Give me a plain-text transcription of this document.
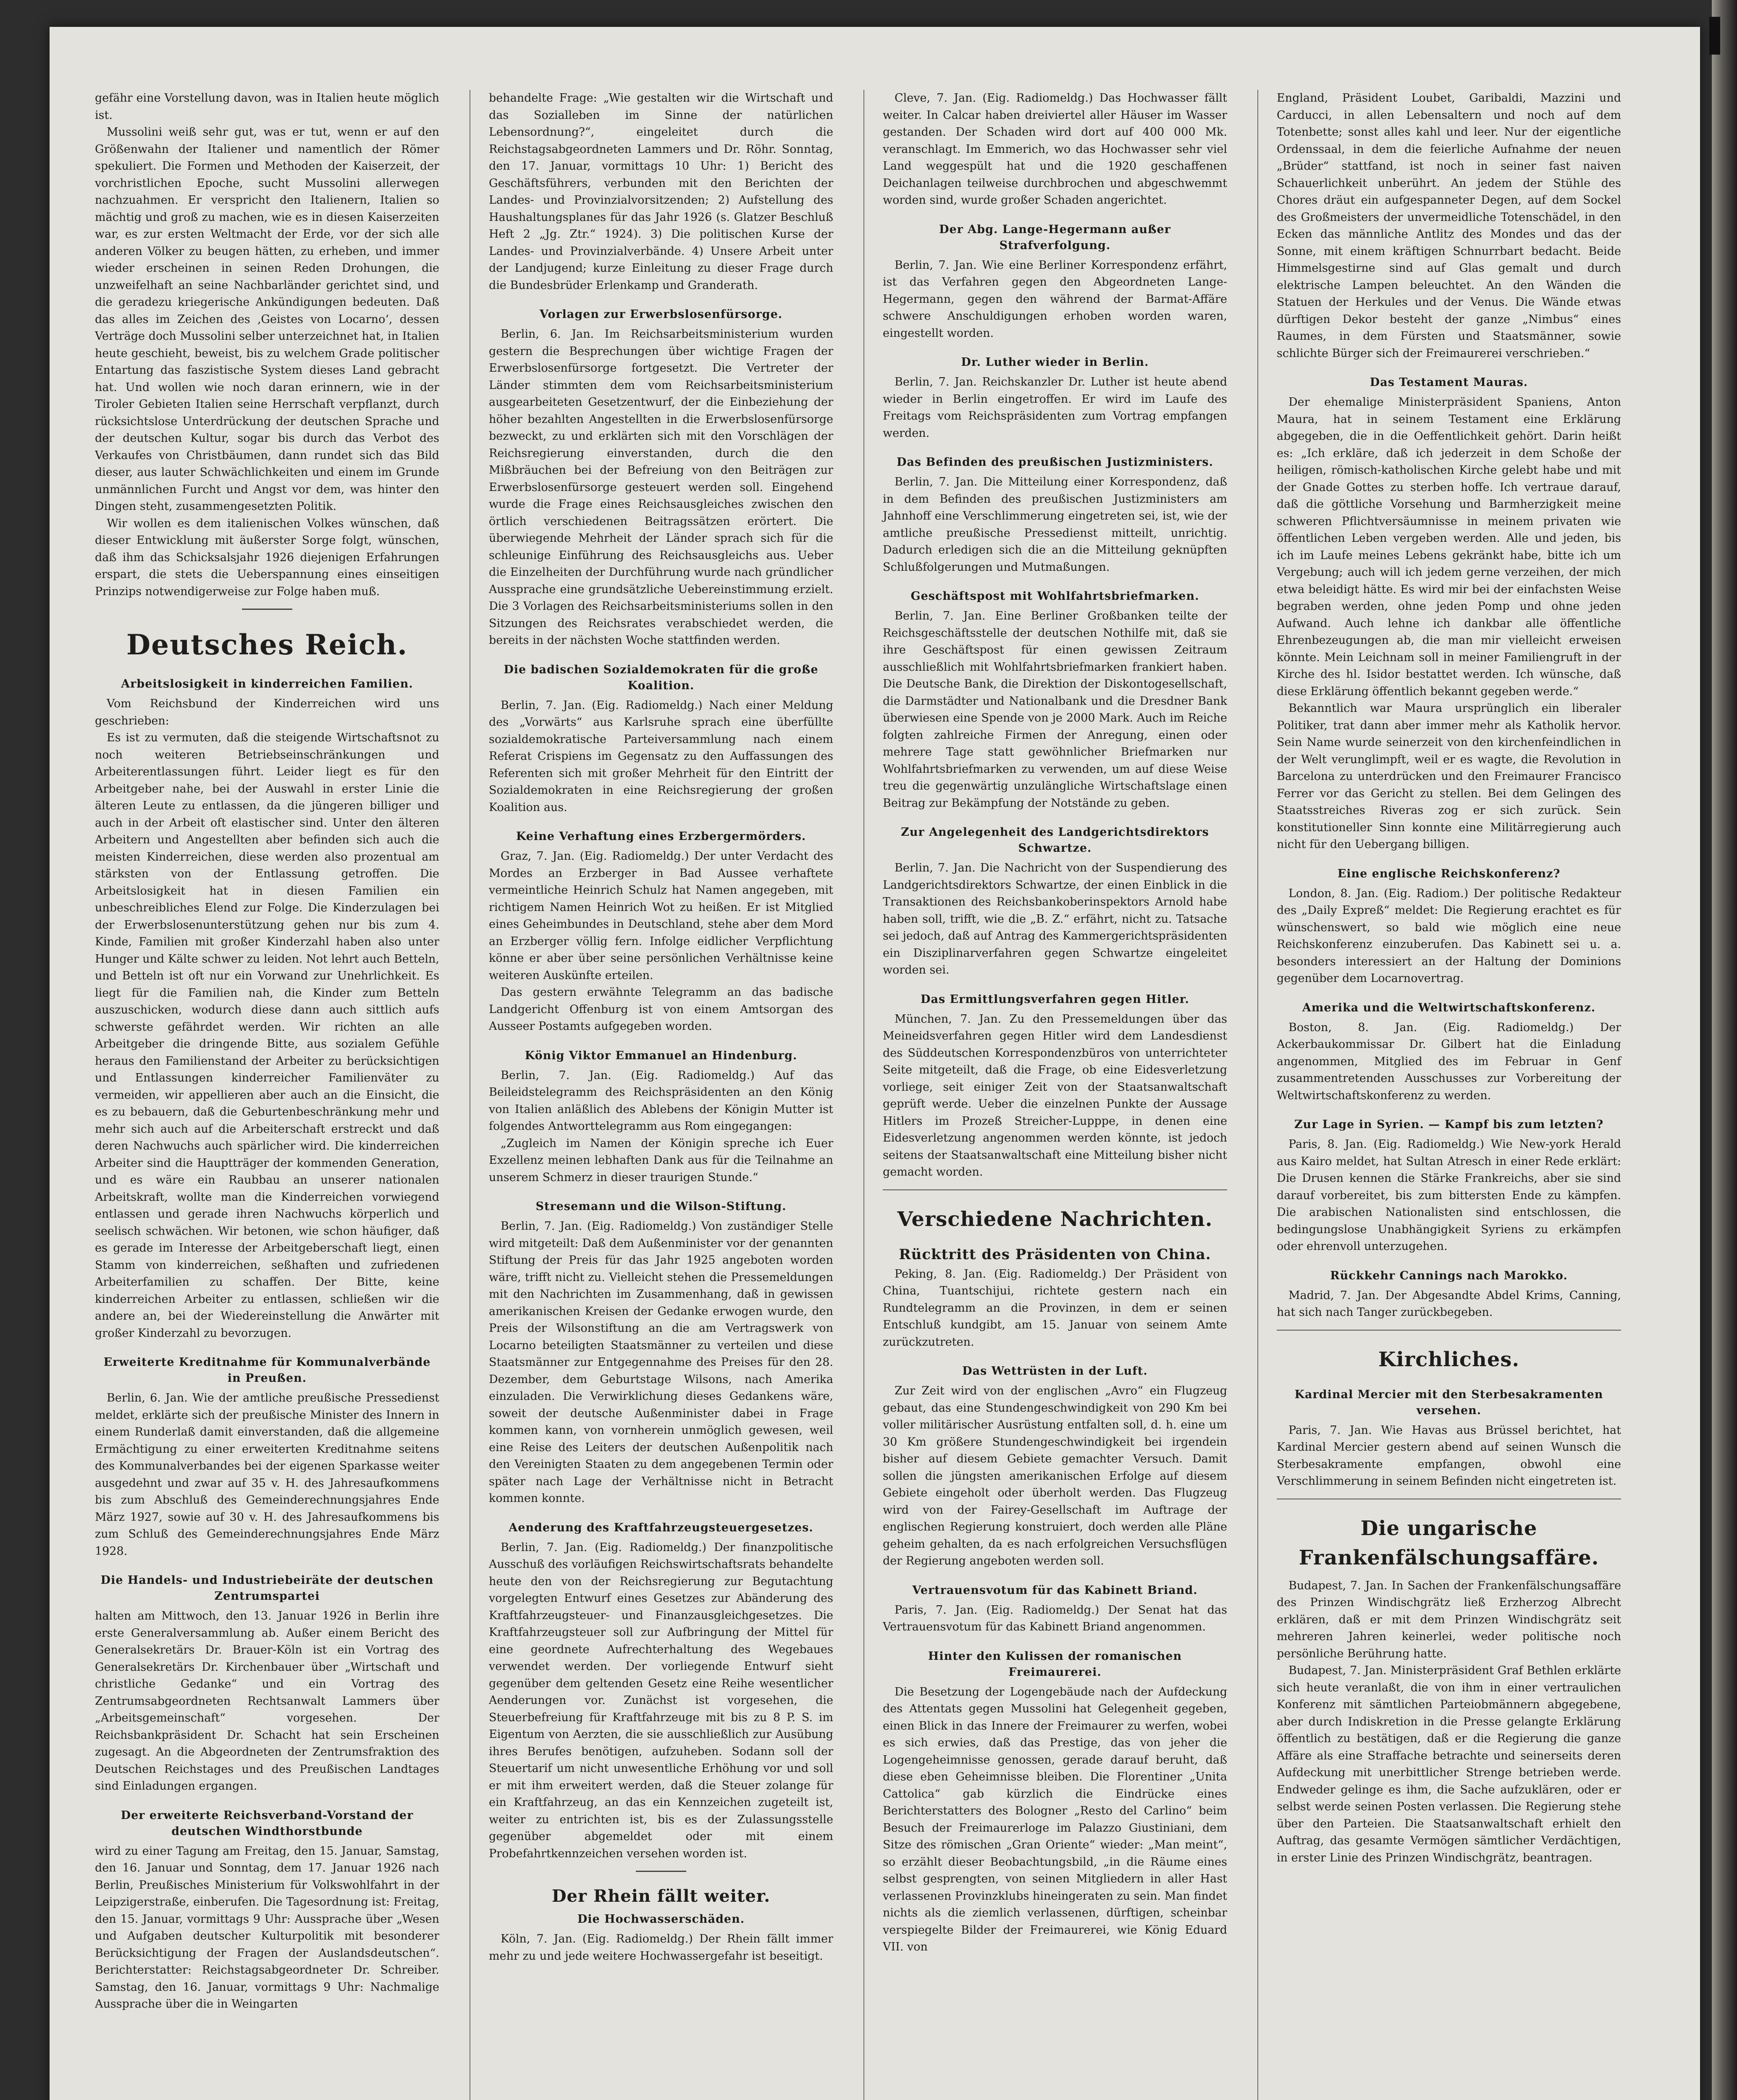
gefähr eine Vorstellung davon, was in Italien heute möglich ist.

Mussolini weiß sehr gut, was er tut, wenn er auf den Größenwahn der Italiener und namentlich der Römer spekuliert. Die Formen und Methoden der Kaiserzeit, der vorchristlichen Epoche, sucht Mussolini allerwegen nachzuahmen. Er verspricht den Italienern, Italien so mächtig und groß zu machen, wie es in diesen Kaiserzeiten war, es zur ersten Weltmacht der Erde, vor der sich alle anderen Völker zu beugen hätten, zu erheben, und immer wieder erscheinen in seinen Reden Drohungen, die unzweifelhaft an seine Nachbarländer gerichtet sind, und die geradezu kriegerische Ankündigungen bedeuten. Daß das alles im Zeichen des ‚Geistes von Locarno‘, dessen Verträge doch Mussolini selber unterzeichnet hat, in Italien heute geschieht, beweist, bis zu welchem Grade politischer Entartung das faszistische System dieses Land gebracht hat. Und wollen wie noch daran erinnern, wie in der Tiroler Gebieten Italien seine Herrschaft verpflanzt, durch rücksichtslose Unterdrückung der deutschen Sprache und der deutschen Kultur, sogar bis durch das Verbot des Verkaufes von Christbäumen, dann rundet sich das Bild dieser, aus lauter Schwächlichkeiten und einem im Grunde unmännlichen Furcht und Angst vor dem, was hinter den Dingen steht, zusammengesetzten Politik.

Wir wollen es dem italienischen Volkes wünschen, daß dieser Entwicklung mit äußerster Sorge folgt, wünschen, daß ihm das Schicksalsjahr 1926 diejenigen Erfahrungen erspart, die stets die Ueberspannung eines einseitigen Prinzips notwendigerweise zur Folge haben muß.

Deutsches Reich.
Arbeitslosigkeit in kinderreichen Familien.

Vom Reichsbund der Kinderreichen wird uns geschrieben:

Es ist zu vermuten, daß die steigende Wirtschaftsnot zu noch weiteren Betriebseinschränkungen und Arbeiterentlassungen führt. Leider liegt es für den Arbeitgeber nahe, bei der Auswahl in erster Linie die älteren Leute zu entlassen, da die jüngeren billiger und auch in der Arbeit oft elastischer sind. Unter den älteren Arbeitern und Angestellten aber befinden sich auch die meisten Kinderreichen, diese werden also prozentual am stärksten von der Entlassung getroffen. Die Arbeitslosigkeit hat in diesen Familien ein unbeschreibliches Elend zur Folge. Die Kinderzulagen bei der Erwerbslosenunterstützung gehen nur bis zum 4. Kinde, Familien mit großer Kinderzahl haben also unter Hunger und Kälte schwer zu leiden. Not lehrt auch Betteln, und Betteln ist oft nur ein Vorwand zur Unehrlichkeit. Es liegt für die Familien nah, die Kinder zum Betteln auszuschicken, wodurch diese dann auch sittlich aufs schwerste gefährdet werden. Wir richten an alle Arbeitgeber die dringende Bitte, aus sozialem Gefühle heraus den Familienstand der Arbeiter zu berücksichtigen und Entlassungen kinderreicher Familienväter zu vermeiden, wir appellieren aber auch an die Einsicht, die es zu bebauern, daß die Geburtenbeschränkung mehr und mehr sich auch auf die Arbeiterschaft erstreckt und daß deren Nachwuchs auch spärlicher wird. Die kinderreichen Arbeiter sind die Hauptträger der kommenden Generation, und es wäre ein Raubbau an unserer nationalen Arbeitskraft, wollte man die Kinderreichen vorwiegend entlassen und gerade ihren Nachwuchs körperlich und seelisch schwächen. Wir betonen, wie schon häufiger, daß es gerade im Interesse der Arbeitgeberschaft liegt, einen Stamm von kinderreichen, seßhaften und zufriedenen Arbeiterfamilien zu schaffen. Der Bitte, keine kinderreichen Arbeiter zu entlassen, schließen wir die andere an, bei der Wiedereinstellung die Anwärter mit großer Kinderzahl zu bevorzugen.

Erweiterte Kreditnahme für Kommunalverbände in Preußen.

Berlin, 6. Jan. Wie der amtliche preußische Pressedienst meldet, erklärte sich der preußische Minister des Innern in einem Runderlaß damit einverstanden, daß die allgemeine Ermächtigung zu einer erweiterten Kreditnahme seitens des Kommunalverbandes bei der eigenen Sparkasse weiter ausgedehnt und zwar auf 35 v. H. des Jahresaufkommens bis zum Abschluß des Gemeinderechnungsjahres Ende März 1927, sowie auf 30 v. H. des Jahresaufkommens bis zum Schluß des Gemeinderechnungsjahres Ende März 1928.

Die Handels- und Industriebeiräte der deutschen Zentrumspartei

halten am Mittwoch, den 13. Januar 1926 in Berlin ihre erste Generalversammlung ab. Außer einem Bericht des Generalsekretärs Dr. Brauer-Köln ist ein Vortrag des Generalsekretärs Dr. Kirchenbauer über „Wirtschaft und christliche Gedanke“ und ein Vortrag des Zentrumsabgeordneten Rechtsanwalt Lammers über „Arbeitsgemeinschaft“ vorgesehen. Der Reichsbankpräsident Dr. Schacht hat sein Erscheinen zugesagt. An die Abgeordneten der Zentrumsfraktion des Deutschen Reichstages und des Preußischen Landtages sind Einladungen ergangen.

Der erweiterte Reichsverband-Vorstand der deutschen Windthorstbunde

wird zu einer Tagung am Freitag, den 15. Januar, Samstag, den 16. Januar und Sonntag, dem 17. Januar 1926 nach Berlin, Preußisches Ministerium für Volkswohlfahrt in der Leipzigerstraße, einberufen. Die Tagesordnung ist: Freitag, den 15. Januar, vormittags 9 Uhr: Aussprache über „Wesen und Aufgaben deutscher Kulturpolitik mit besonderer Berücksichtigung der Fragen der Auslandsdeutschen“. Berichterstatter: Reichstagsabgeordneter Dr. Schreiber. Samstag, den 16. Januar, vormittags 9 Uhr: Nachmalige Aussprache über die in Weingarten

behandelte Frage: „Wie gestalten wir die Wirtschaft und das Sozialleben im Sinne der natürlichen Lebensordnung?“, eingeleitet durch die Reichstagsabgeordneten Lammers und Dr. Röhr. Sonntag, den 17. Januar, vormittags 10 Uhr: 1) Bericht des Geschäftsführers, verbunden mit den Berichten der Landes- und Provinzialvorsitzenden; 2) Aufstellung des Haushaltungsplanes für das Jahr 1926 (s. Glatzer Beschluß Heft 2 „Jg. Ztr.“ 1924). 3) Die politischen Kurse der Landes- und Provinzialverbände. 4) Unsere Arbeit unter der Landjugend; kurze Einleitung zu dieser Frage durch die Bundesbrüder Erlenkamp und Granderath.

Vorlagen zur Erwerbslosenfürsorge.

Berlin, 6. Jan. Im Reichsarbeitsministerium wurden gestern die Besprechungen über wichtige Fragen der Erwerbslosenfürsorge fortgesetzt. Die Vertreter der Länder stimmten dem vom Reichsarbeitsministerium ausgearbeiteten Gesetzentwurf, der die Einbeziehung der höher bezahlten Angestellten in die Erwerbslosenfürsorge bezweckt, zu und erklärten sich mit den Vorschlägen der Reichsregierung einverstanden, durch die den Mißbräuchen bei der Befreiung von den Beiträgen zur Erwerbslosenfürsorge gesteuert werden soll. Eingehend wurde die Frage eines Reichsausgleiches zwischen den örtlich verschiedenen Beitragssätzen erörtert. Die überwiegende Mehrheit der Länder sprach sich für die schleunige Einführung des Reichsausgleichs aus. Ueber die Einzelheiten der Durchführung wurde nach gründlicher Aussprache eine grundsätzliche Uebereinstimmung erzielt. Die 3 Vorlagen des Reichsarbeitsministeriums sollen in den Sitzungen des Reichsrates verabschiedet werden, die bereits in der nächsten Woche stattfinden werden.

Die badischen Sozialdemokraten für die große Koalition.

Berlin, 7. Jan. (Eig. Radiomeldg.) Nach einer Meldung des „Vorwärts“ aus Karlsruhe sprach eine überfüllte sozialdemokratische Parteiversammlung nach einem Referat Crispiens im Gegensatz zu den Auffassungen des Referenten sich mit großer Mehrheit für den Eintritt der Sozialdemokraten in eine Reichsregierung der großen Koalition aus.

Keine Verhaftung eines Erzbergermörders.

Graz, 7. Jan. (Eig. Radiomeldg.) Der unter Verdacht des Mordes an Erzberger in Bad Aussee verhaftete vermeintliche Heinrich Schulz hat Namen angegeben, mit richtigem Namen Heinrich Wot zu heißen. Er ist Mitglied eines Geheimbundes in Deutschland, stehe aber dem Mord an Erzberger völlig fern. Infolge eidlicher Verpflichtung könne er aber über seine persönlichen Verhältnisse keine weiteren Auskünfte erteilen.

Das gestern erwähnte Telegramm an das badische Landgericht Offenburg ist von einem Amtsorgan des Ausseer Postamts aufgegeben worden.

König Viktor Emmanuel an Hindenburg.

Berlin, 7. Jan. (Eig. Radiomeldg.) Auf das Beileidstelegramm des Reichspräsidenten an den König von Italien anläßlich des Ablebens der Königin Mutter ist folgendes Antworttelegramm aus Rom eingegangen:

„Zugleich im Namen der Königin spreche ich Euer Exzellenz meinen lebhaften Dank aus für die Teilnahme an unserem Schmerz in dieser traurigen Stunde.“

Stresemann und die Wilson-Stiftung.

Berlin, 7. Jan. (Eig. Radiomeldg.) Von zuständiger Stelle wird mitgeteilt: Daß dem Außenminister vor der genannten Stiftung der Preis für das Jahr 1925 angeboten worden wäre, trifft nicht zu. Vielleicht stehen die Pressemeldungen mit den Nachrichten im Zusammenhang, daß in gewissen amerikanischen Kreisen der Gedanke erwogen wurde, den Preis der Wilsonstiftung an die am Vertragswerk von Locarno beteiligten Staatsmänner zu verteilen und diese Staatsmänner zur Entgegennahme des Preises für den 28. Dezember, dem Geburtstage Wilsons, nach Amerika einzuladen. Die Verwirklichung dieses Gedankens wäre, soweit der deutsche Außenminister dabei in Frage kommen kann, von vornherein unmöglich gewesen, weil eine Reise des Leiters der deutschen Außenpolitik nach den Vereinigten Staaten zu dem angegebenen Termin oder später nach Lage der Verhältnisse nicht in Betracht kommen konnte.

Aenderung des Kraftfahrzeugsteuergesetzes.

Berlin, 7. Jan. (Eig. Radiomeldg.) Der finanzpolitische Ausschuß des vorläufigen Reichswirtschaftsrats behandelte heute den von der Reichsregierung zur Begutachtung vorgelegten Entwurf eines Gesetzes zur Abänderung des Kraftfahrzeugsteuer- und Finanzausgleichgesetzes. Die Kraftfahrzeugsteuer soll zur Aufbringung der Mittel für eine geordnete Aufrechterhaltung des Wegebaues verwendet werden. Der vorliegende Entwurf sieht gegenüber dem geltenden Gesetz eine Reihe wesentlicher Aenderungen vor. Zunächst ist vorgesehen, die Steuerbefreiung für Kraftfahrzeuge mit bis zu 8 P. S. im Eigentum von Aerzten, die sie ausschließlich zur Ausübung ihres Berufes benötigen, aufzuheben. Sodann soll der Steuertarif um nicht unwesentliche Erhöhung vor und soll er mit ihm erweitert werden, daß die Steuer zolange für ein Kraftfahrzeug, an das ein Kennzeichen zugeteilt ist, weiter zu entrichten ist, bis es der Zulassungsstelle gegenüber abgemeldet oder mit einem Probefahrtkennzeichen versehen worden ist.

Der Rhein fällt weiter.
Die Hochwasserschäden.

Köln, 7. Jan. (Eig. Radiomeldg.) Der Rhein fällt immer mehr zu und jede weitere Hochwassergefahr ist beseitigt.

Cleve, 7. Jan. (Eig. Radiomeldg.) Das Hochwasser fällt weiter. In Calcar haben dreiviertel aller Häuser im Wasser gestanden. Der Schaden wird dort auf 400 000 Mk. veranschlagt. Im Emmerich, wo das Hochwasser sehr viel Land weggespült hat und die 1920 geschaffenen Deichanlagen teilweise durchbrochen und abgeschwemmt worden sind, wurde großer Schaden angerichtet.

Der Abg. Lange-Hegermann außer Strafverfolgung.

Berlin, 7. Jan. Wie eine Berliner Korrespondenz erfährt, ist das Verfahren gegen den Abgeordneten Lange-Hegermann, gegen den während der Barmat-Affäre schwere Anschuldigungen erhoben worden waren, eingestellt worden.

Dr. Luther wieder in Berlin.

Berlin, 7. Jan. Reichskanzler Dr. Luther ist heute abend wieder in Berlin eingetroffen. Er wird im Laufe des Freitags vom Reichspräsidenten zum Vortrag empfangen werden.

Das Befinden des preußischen Justizministers.

Berlin, 7. Jan. Die Mitteilung einer Korrespondenz, daß in dem Befinden des preußischen Justizministers am Jahnhoff eine Verschlimmerung eingetreten sei, ist, wie der amtliche preußische Pressedienst mitteilt, unrichtig. Dadurch erledigen sich die an die Mitteilung geknüpften Schlußfolgerungen und Mutmaßungen.

Geschäftspost mit Wohlfahrtsbriefmarken.

Berlin, 7. Jan. Eine Berliner Großbanken teilte der Reichsgeschäftsstelle der deutschen Nothilfe mit, daß sie ihre Geschäftspost für einen gewissen Zeitraum ausschließlich mit Wohlfahrtsbriefmarken frankiert haben. Die Deutsche Bank, die Direktion der Diskontogesellschaft, die Darmstädter und Nationalbank und die Dresdner Bank überwiesen eine Spende von je 2000 Mark. Auch im Reiche folgten zahlreiche Firmen der Anregung, einen oder mehrere Tage statt gewöhnlicher Briefmarken nur Wohlfahrtsbriefmarken zu verwenden, um auf diese Weise treu die gegenwärtig unzulängliche Wirtschaftslage einen Beitrag zur Bekämpfung der Notstände zu geben.

Zur Angelegenheit des Landgerichtsdirektors Schwartze.

Berlin, 7. Jan. Die Nachricht von der Suspendierung des Landgerichtsdirektors Schwartze, der einen Einblick in die Transaktionen des Reichsbankoberinspektors Arnold habe haben soll, trifft, wie die „B. Z.“ erfährt, nicht zu. Tatsache sei jedoch, daß auf Antrag des Kammergerichtspräsidenten ein Disziplinarverfahren gegen Schwartze eingeleitet worden sei.

Das Ermittlungsverfahren gegen Hitler.

München, 7. Jan. Zu den Pressemeldungen über das Meineidsverfahren gegen Hitler wird dem Landesdienst des Süddeutschen Korrespondenzbüros von unterrichteter Seite mitgeteilt, daß die Frage, ob eine Eidesverletzung vorliege, seit einiger Zeit von der Staatsanwaltschaft geprüft werde. Ueber die einzelnen Punkte der Aussage Hitlers im Prozeß Streicher-Lupppe, in denen eine Eidesverletzung angenommen werden könnte, ist jedoch seitens der Staatsanwaltschaft eine Mitteilung bisher nicht gemacht worden.

Verschiedene Nachrichten.
Rücktritt des Präsidenten von China.

Peking, 8. Jan. (Eig. Radiomeldg.) Der Präsident von China, Tuantschijui, richtete gestern nach ein Rundtelegramm an die Provinzen, in dem er seinen Entschluß kundgibt, am 15. Januar von seinem Amte zurückzutreten.

Das Wettrüsten in der Luft.

Zur Zeit wird von der englischen „Avro“ ein Flugzeug gebaut, das eine Stundengeschwindigkeit von 290 Km bei voller militärischer Ausrüstung entfalten soll, d. h. eine um 30 Km größere Stundengeschwindigkeit bei irgendein bisher auf diesem Gebiete gemachter Versuch. Damit sollen die jüngsten amerikanischen Erfolge auf diesem Gebiete eingeholt oder überholt werden. Das Flugzeug wird von der Fairey-Gesellschaft im Auftrage der englischen Regierung konstruiert, doch werden alle Pläne geheim gehalten, da es nach erfolgreichen Versuchsflügen der Regierung angeboten werden soll.

Vertrauensvotum für das Kabinett Briand.

Paris, 7. Jan. (Eig. Radiomeldg.) Der Senat hat das Vertrauensvotum für das Kabinett Briand angenommen.

Hinter den Kulissen der romanischen Freimaurerei.

Die Besetzung der Logengebäude nach der Aufdeckung des Attentats gegen Mussolini hat Gelegenheit gegeben, einen Blick in das Innere der Freimaurer zu werfen, wobei es sich erwies, daß das Prestige, das von jeher die Logengeheimnisse genossen, gerade darauf beruht, daß diese eben Geheimnisse bleiben. Die Florentiner „Unita Cattolica“ gab kürzlich die Eindrücke eines Berichterstatters des Bologner „Resto del Carlino“ beim Besuch der Freimaurerloge im Palazzo Giustiniani, dem Sitze des römischen „Gran Oriente“ wieder: „Man meint“, so erzählt dieser Beobachtungsbild, „in die Räume eines selbst gesprengten, von seinen Mitgliedern in aller Hast verlassenen Provinzklubs hineingeraten zu sein. Man findet nichts als die ziemlich verlassenen, dürftigen, scheinbar verspiegelte Bilder der Freimaurerei, wie König Eduard VII. von

England, Präsident Loubet, Garibaldi, Mazzini und Carducci, in allen Lebensaltern und noch auf dem Totenbette; sonst alles kahl und leer. Nur der eigentliche Ordenssaal, in dem die feierliche Aufnahme der neuen „Brüder“ stattfand, ist noch in seiner fast naiven Schauerlichkeit unberührt. An jedem der Stühle des Chores dräut ein aufgespanneter Degen, auf dem Sockel des Großmeisters der unvermeidliche Totenschädel, in den Ecken das männliche Antlitz des Mondes und das der Sonne, mit einem kräftigen Schnurrbart bedacht. Beide Himmelsgestirne sind auf Glas gemalt und durch elektrische Lampen beleuchtet. An den Wänden die Statuen der Herkules und der Venus. Die Wände etwas dürftigen Dekor besteht der ganze „Nimbus“ eines Raumes, in dem Fürsten und Staatsmänner, sowie schlichte Bürger sich der Freimaurerei verschrieben.“

Das Testament Mauras.

Der ehemalige Ministerpräsident Spaniens, Anton Maura, hat in seinem Testament eine Erklärung abgegeben, die in die Oeffentlichkeit gehört. Darin heißt es: „Ich erkläre, daß ich jederzeit in dem Schoße der heiligen, römisch-katholischen Kirche gelebt habe und mit der Gnade Gottes zu sterben hoffe. Ich vertraue darauf, daß die göttliche Vorsehung und Barmherzigkeit meine schweren Pflichtversäumnisse in meinem privaten wie öffentlichen Leben vergeben werden. Alle und jeden, bis ich im Laufe meines Lebens gekränkt habe, bitte ich um Vergebung; auch will ich jedem gerne verzeihen, der mich etwa beleidigt hätte. Es wird mir bei der einfachsten Weise begraben werden, ohne jeden Pomp und ohne jeden Aufwand. Auch lehne ich dankbar alle öffentliche Ehrenbezeugungen ab, die man mir vielleicht erweisen könnte. Mein Leichnam soll in meiner Familiengruft in der Kirche des hl. Isidor bestattet werden. Ich wünsche, daß diese Erklärung öffentlich bekannt gegeben werde.“

Bekanntlich war Maura ursprünglich ein liberaler Politiker, trat dann aber immer mehr als Katholik hervor. Sein Name wurde seinerzeit von den kirchenfeindlichen in der Welt verunglimpft, weil er es wagte, die Revolution in Barcelona zu unterdrücken und den Freimaurer Francisco Ferrer vor das Gericht zu stellen. Bei dem Gelingen des Staatsstreiches Riveras zog er sich zurück. Sein konstitutioneller Sinn konnte eine Militärregierung auch nicht für den Uebergang billigen.

Eine englische Reichskonferenz?

London, 8. Jan. (Eig. Radiom.) Der politische Redakteur des „Daily Expreß“ meldet: Die Regierung erachtet es für wünschenswert, so bald wie möglich eine neue Reichskonferenz einzuberufen. Das Kabinett sei u. a. besonders interessiert an der Haltung der Dominions gegenüber dem Locarnovertrag.

Amerika und die Weltwirtschaftskonferenz.

Boston, 8. Jan. (Eig. Radiomeldg.) Der Ackerbaukommissar Dr. Gilbert hat die Einladung angenommen, Mitglied des im Februar in Genf zusammentretenden Ausschusses zur Vorbereitung der Weltwirtschaftskonferenz zu werden.

Zur Lage in Syrien. — Kampf bis zum letzten?

Paris, 8. Jan. (Eig. Radiomeldg.) Wie New-york Herald aus Kairo meldet, hat Sultan Atresch in einer Rede erklärt: Die Drusen kennen die Stärke Frankreichs, aber sie sind darauf vorbereitet, bis zum bittersten Ende zu kämpfen. Die arabischen Nationalisten sind entschlossen, die bedingungslose Unabhängigkeit Syriens zu erkämpfen oder ehrenvoll unterzugehen.

Rückkehr Cannings nach Marokko.

Madrid, 7. Jan. Der Abgesandte Abdel Krims, Canning, hat sich nach Tanger zurückbegeben.

Kirchliches.
Kardinal Mercier mit den Sterbesakramenten versehen.

Paris, 7. Jan. Wie Havas aus Brüssel berichtet, hat Kardinal Mercier gestern abend auf seinen Wunsch die Sterbesakramente empfangen, obwohl eine Verschlimmerung in seinem Befinden nicht eingetreten ist.

Die ungarische Frankenfälschungsaffäre.

Budapest, 7. Jan. In Sachen der Frankenfälschungsaffäre des Prinzen Windischgrätz ließ Erzherzog Albrecht erklären, daß er mit dem Prinzen Windischgrätz seit mehreren Jahren keinerlei, weder politische noch persönliche Berührung hatte.

Budapest, 7. Jan. Ministerpräsident Graf Bethlen erklärte sich heute veranlaßt, die von ihm in einer vertraulichen Konferenz mit sämtlichen Parteiobmännern abgegebene, aber durch Indiskretion in die Presse gelangte Erklärung öffentlich zu bestätigen, daß er die Regierung die ganze Affäre als eine Straffache betrachte und seinerseits deren Aufdeckung mit unerbittlicher Strenge betrieben werde. Endweder gelinge es ihm, die Sache aufzuklären, oder er selbst werde seinen Posten verlassen. Die Regierung stehe über den Parteien. Die Staatsanwaltschaft erhielt den Auftrag, das gesamte Vermögen sämtlicher Verdächtigen, in erster Linie des Prinzen Windischgrätz, beantragen.
